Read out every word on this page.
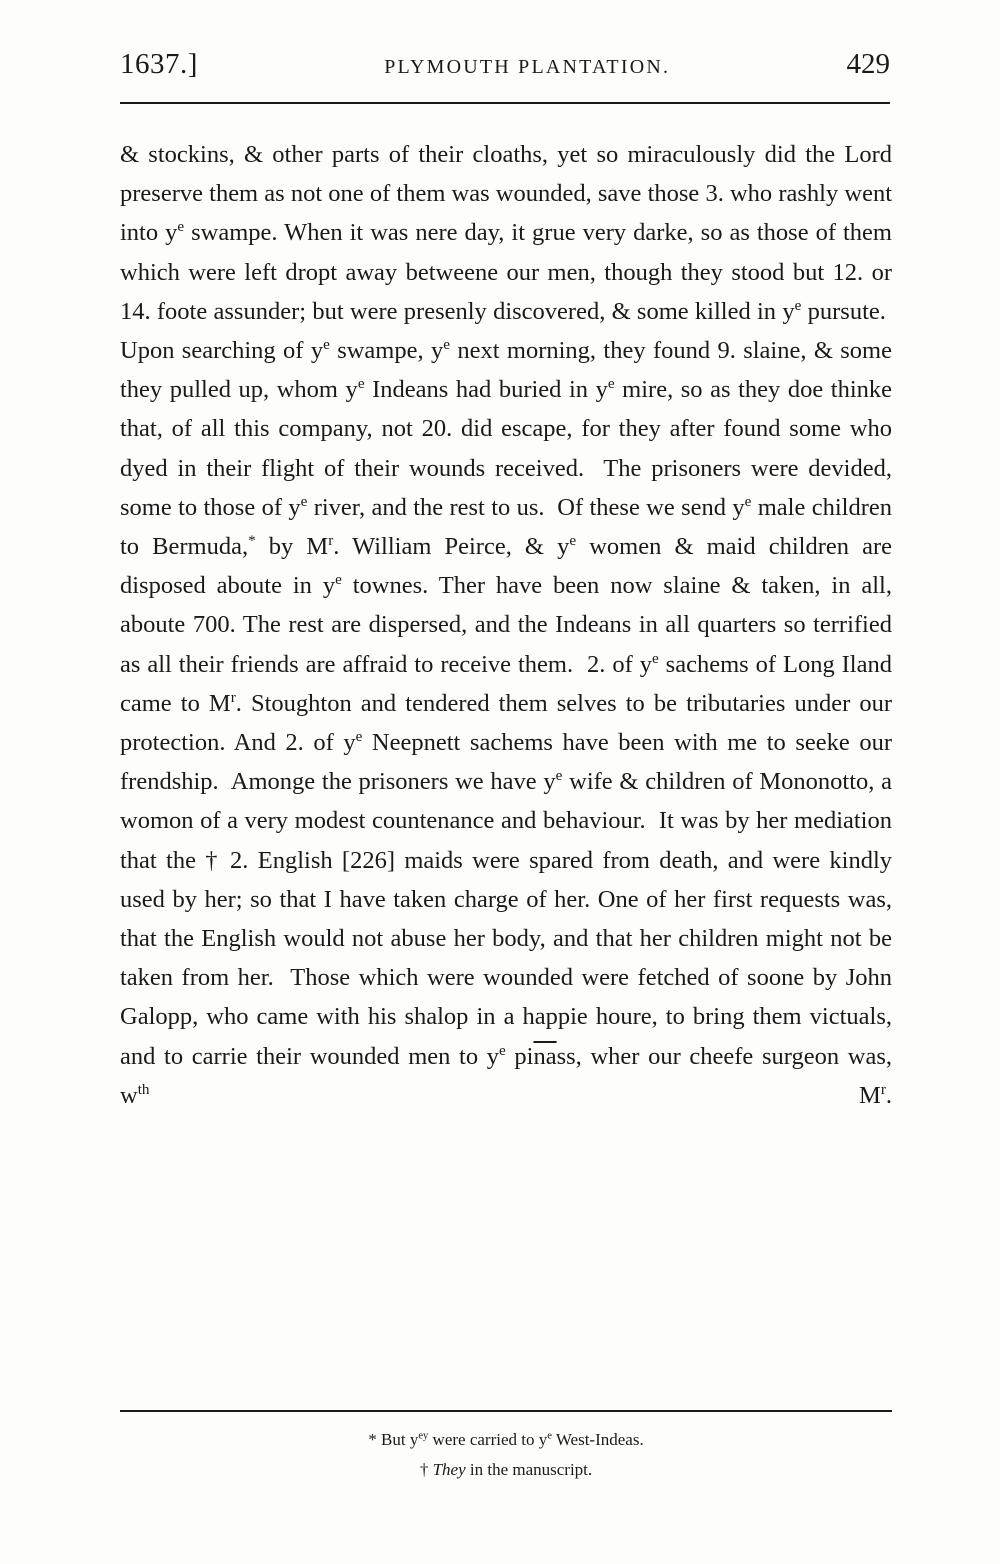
1637.]	PLYMOUTH PLANTATION.	429

& stockins, & other parts of their cloaths, yet so miraculously did the Lord preserve them as not one of them was wounded, save those 3. who rashly went into $y^e$ swampe. When it was nere day, it grue very darke, so as those of them which were left dropt away betweene our men, though they stood but 12. or 14. foote assunder; but were presenly discovered, & some killed in $y^e$ pursute.  Upon searching of $y^e$ swampe, $y^e$ next morning, they found 9. slaine, & some they pulled up, whom $y^e$ Indeans had buried in $y^e$ mire, so as they doe thinke that, of all this company, not 20. did escape, for they after found some who dyed in their flight of their wounds received.  The prisoners were devided, some to those of $y^e$ river, and the rest to us.  Of these we send $y^e$ male children to Bermuda,* by $M^r$. William Peirce, & $y^e$ women & maid children are disposed aboute in $y^e$ townes. Ther have been now slaine & taken, in all, aboute 700. The rest are dispersed, and the Indeans in all quarters so terrified as all their friends are affraid to receive them.  2. of $y^e$ sachems of Long Iland came to $M^r$. Stoughton and tendered them selves to be tributaries under our protection. And 2. of $y^e$ Neepnett sachems have been with me to seeke our frendship.  Amonge the prisoners we have $y^e$ wife & children of Mononotto, a womon of a very modest countenance and behaviour.  It was by her mediation that the † 2. English [226] maids were spared from death, and were kindly used by her; so that I have taken charge of her. One of her first requests was, that the English would not abuse her body, and that her children might not be taken from her.  Those which were wounded were fetched of soone by John Galopp, who came with his shalop in a happie houre, to bring them victuals, and to carrie their wounded men to $y^e$ $pi\overline{na}ss$, wher our cheefe surgeon was, $w^{th}$ $M^r$.

* But $y^{ey}$ were carried to $y^e$ West-Indeas.
† They in the manuscript.
